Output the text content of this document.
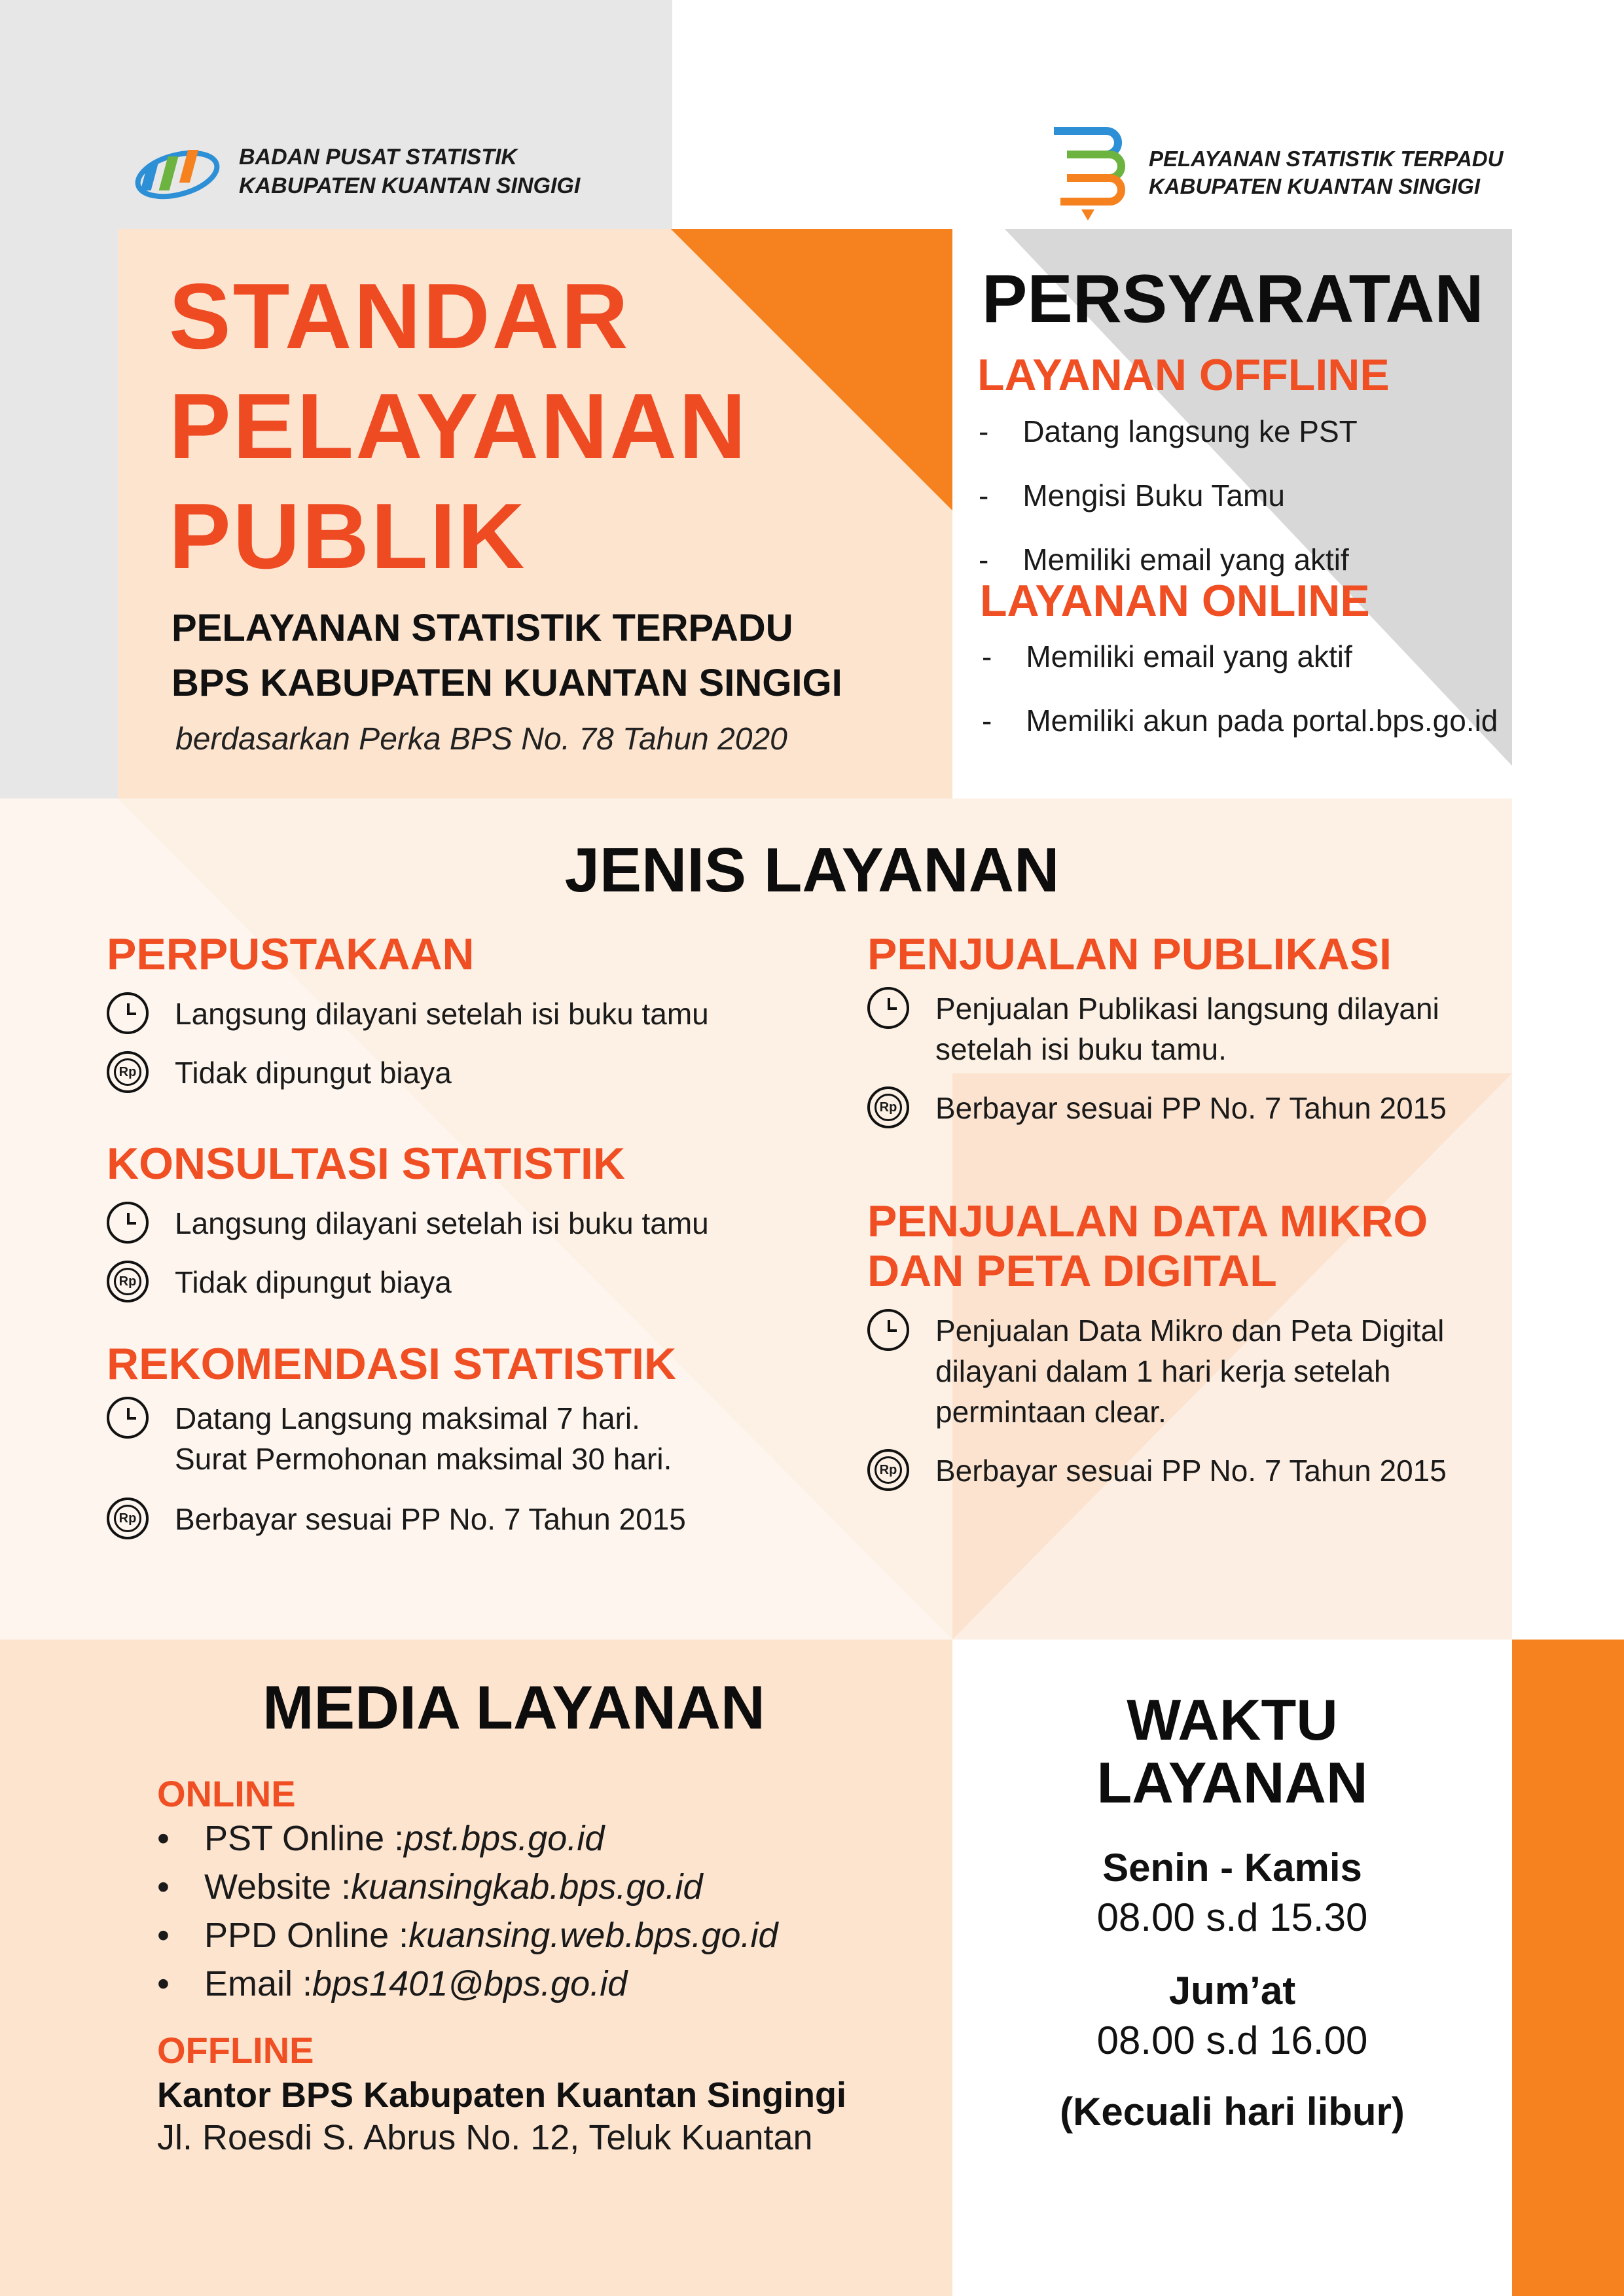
BADAN PUSAT STATISTIK
KABUPATEN KUANTAN SINGIGI
PELAYANAN STATISTIK TERPADU
KABUPATEN KUANTAN SINGIGI
STANDAR
PELAYANAN
PUBLIK
PELAYANAN STATISTIK TERPADU
BPS KABUPATEN KUANTAN SINGIGI
berdasarkan Perka BPS No. 78 Tahun 2020
PERSYARATAN
LAYANAN OFFLINE
- Datang langsung ke PST
- Mengisi Buku Tamu
- Memiliki email yang aktif
LAYANAN ONLINE
- Memiliki email yang aktif
- Memiliki akun pada portal.bps.go.id
JENIS LAYANAN
PERPUSTAKAAN
Langsung dilayani setelah isi buku tamu
Rp Tidak dipungut biaya
KONSULTASI STATISTIK
Langsung dilayani setelah isi buku tamu
Rp Tidak dipungut biaya
REKOMENDASI STATISTIK
Datang Langsung maksimal 7 hari.
Surat Permohonan maksimal 30 hari.
Rp Berbayar sesuai PP No. 7 Tahun 2015
PENJUALAN PUBLIKASI
Penjualan Publikasi langsung dilayani
setelah isi buku tamu.
Rp Berbayar sesuai PP No. 7 Tahun 2015
PENJUALAN DATA MIKRO
DAN PETA DIGITAL
Penjualan Data Mikro dan Peta Digital
dilayani dalam 1 hari kerja setelah
permintaan clear.
Rp Berbayar sesuai PP No. 7 Tahun 2015
MEDIA LAYANAN
ONLINE
• PST Online : pst.bps.go.id
• Website : kuansingkab.bps.go.id
• PPD Online : kuansing.web.bps.go.id
• Email : bps1401@bps.go.id
OFFLINE
Kantor BPS Kabupaten Kuantan Singingi
Jl. Roesdi S. Abrus No. 12, Teluk Kuantan
WAKTU
LAYANAN
Senin - Kamis
08.00 s.d 15.30
Jum’at
08.00 s.d 16.00
(Kecuali hari libur)
